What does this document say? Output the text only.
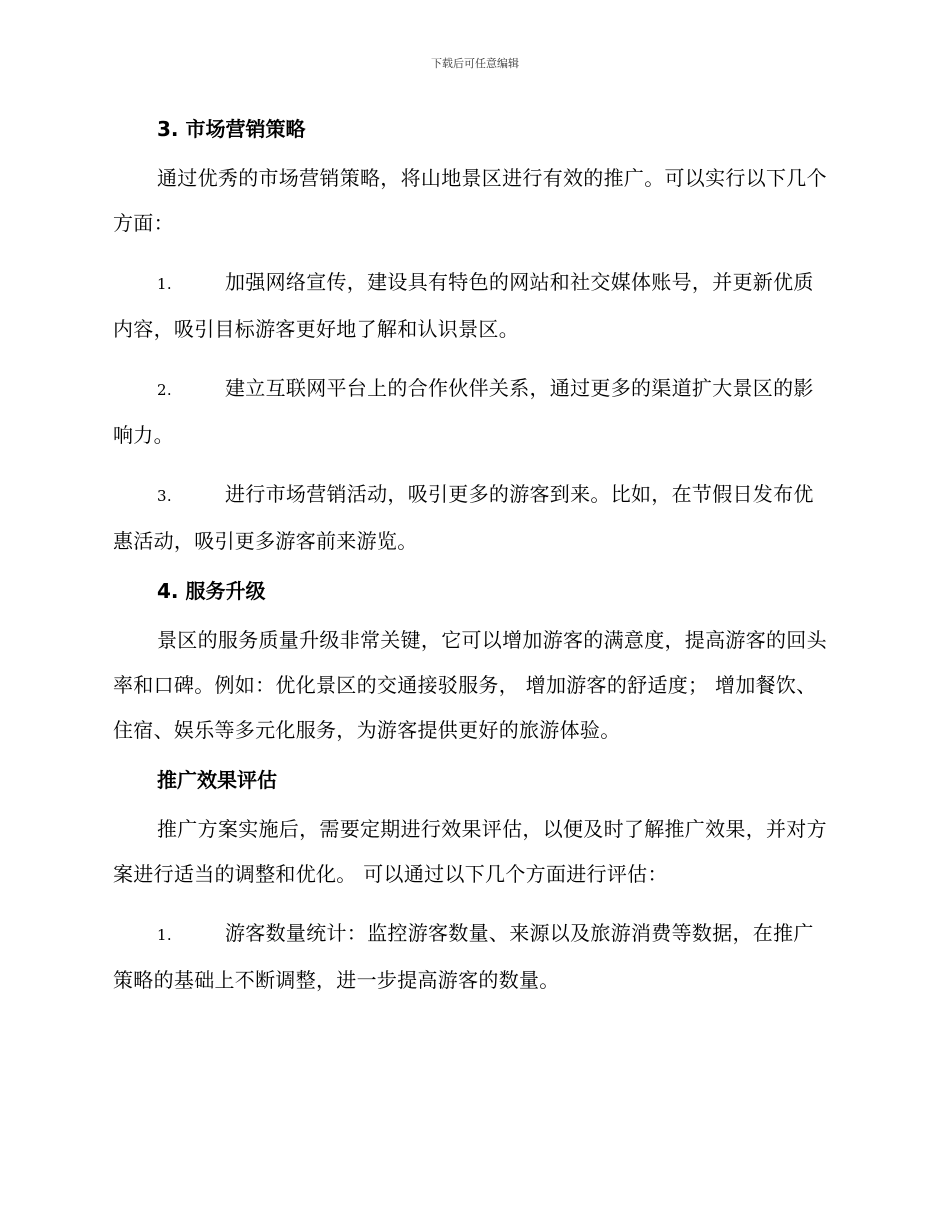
下载后可任意编辑
3. 市场营销策略

通过优秀的市场营销策略，将山地景区进行有效的推广。可以实行以下几个方面：

1.	加强网络宣传，建设具有特色的网站和社交媒体账号，并更新优质内容，吸引目标游客更好地了解和认识景区。

2.	建立互联网平台上的合作伙伴关系，通过更多的渠道扩大景区的影响力。

3.	进行市场营销活动，吸引更多的游客到来。比如，在节假日发布优惠活动，吸引更多游客前来游览。

4. 服务升级

景区的服务质量升级非常关键，它可以增加游客的满意度，提高游客的回头率和口碑。例如：优化景区的交通接驳服务， 增加游客的舒适度； 增加餐饮、住宿、娱乐等多元化服务，为游客提供更好的旅游体验。

推广效果评估

推广方案实施后，需要定期进行效果评估，以便及时了解推广效果，并对方案进行适当的调整和优化。 可以通过以下几个方面进行评估：

1.	游客数量统计：监控游客数量、来源以及旅游消费等数据，在推广策略的基础上不断调整，进一步提高游客的数量。
